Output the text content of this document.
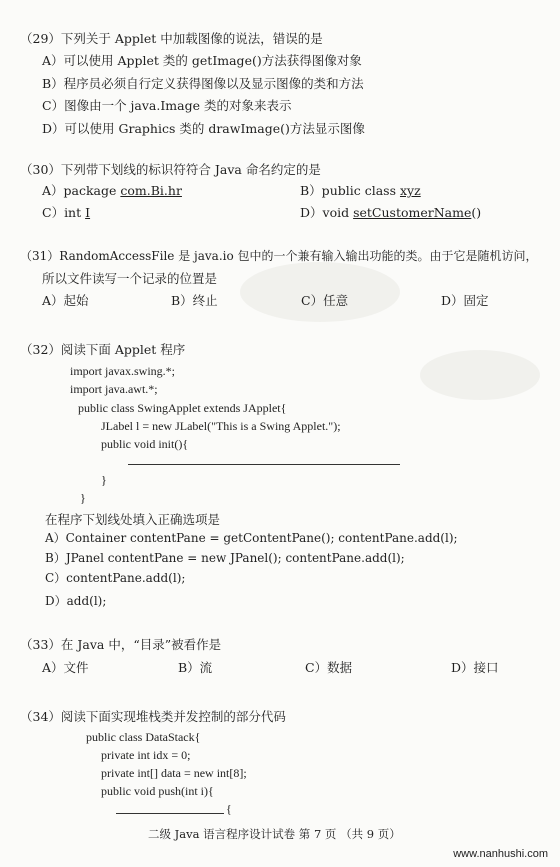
（29）下列关于 Applet 中加载图像的说法，错误的是
A）可以使用 Applet 类的 getImage()方法获得图像对象
B）程序员必须自行定义获得图像以及显示图像的类和方法
C）图像由一个 java.Image 类的对象来表示
D）可以使用 Graphics 类的 drawImage()方法显示图像
（30）下列带下划线的标识符符合 Java 命名约定的是
A）package com.Bi.hr	B）public class xyz
C）int I	D）void setCustomerName()
（31）RandomAccessFile 是 java.io 包中的一个兼有输入输出功能的类。由于它是随机访问，
所以文件读写一个记录的位置是
A）起始	B）终止	C）任意	D）固定
（32）阅读下面 Applet 程序
import javax.swing.*;
import java.awt.*;
public class SwingApplet extends JApplet{
JLabel l = new JLabel("This is a Swing Applet.");
public void init(){
}
}
在程序下划线处填入正确选项是
A）Container contentPane = getContentPane(); contentPane.add(l);
B）JPanel contentPane = new JPanel(); contentPane.add(l);
C）contentPane.add(l);
D）add(l);
（33）在 Java 中，“目录”被看作是
A）文件	B）流	C）数据	D）接口
（34）阅读下面实现堆栈类并发控制的部分代码
public class DataStack{
private int idx = 0;
private int[] data = new int[8];
public void push(int i){
{
二级 Java 语言程序设计试卷 第 7 页 （共 9 页）
www.nanhushi.com
